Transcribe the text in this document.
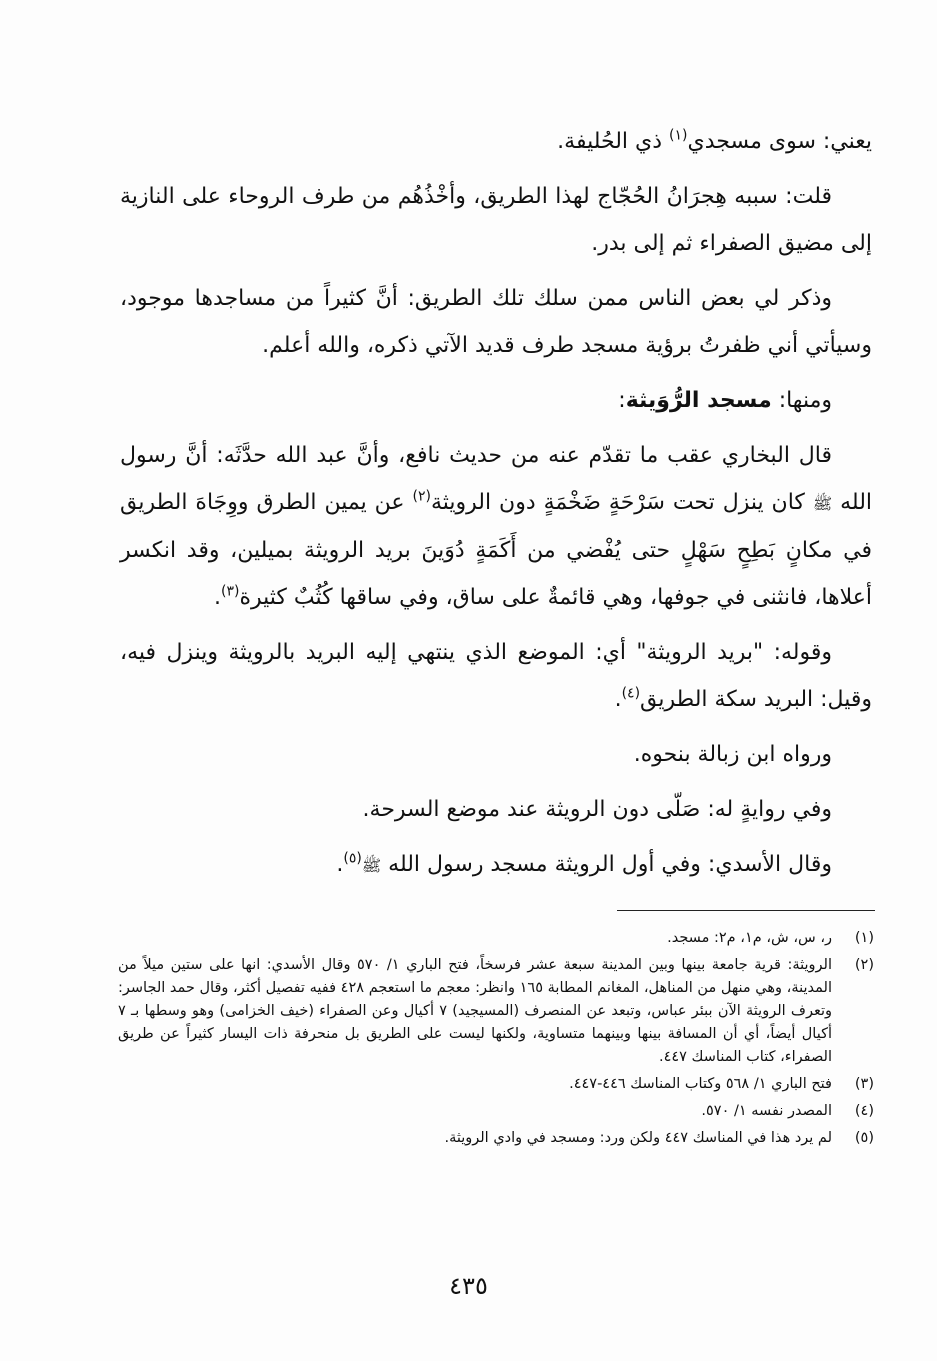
يعني: سوى مسجدي$^{(١)}$ ذي الحُليفة.

قلت: سببه هِجرَانُ الحُجّاج لهذا الطريق، وأخْذُهُم من طرف الروحاء على النازية إلى مضيق الصفراء ثم إلى بدر.

وذكر لي بعض الناس ممن سلك تلك الطريق: أنَّ كثيراً من مساجدها موجود، وسيأتي أني ظفرتُ برؤية مسجد طرف قديد الآتي ذكره، والله أعلم.

ومنها: مسجد الرُّوَيثة:

قال البخاري عقب ما تقدّم عنه من حديث نافع، وأنَّ عبد الله حدَّثَه: أنَّ رسول الله ﷺ كان ينزل تحت سَرْحَةٍ ضَخْمَةٍ دون الرويثة$^{(٢)}$ عن يمين الطرق ووِجَاهَ الطريق في مكانٍ بَطِحٍ سَهْلٍ حتى يُفْضي من أَكَمَةٍ دُوَينَ بريد الرويثة بميلين، وقد انكسر أعلاها، فانثنى في جوفها، وهي قائمةٌ على ساق، وفي ساقها كُثُبٌ كثيرة$^{(٣)}$.

وقوله: "بريد الرويثة" أي: الموضع الذي ينتهي إليه البريد بالرويثة وينزل فيه، وقيل: البريد سكة الطريق$^{(٤)}$.

ورواه ابن زبالة بنحوه.

وفي روايةٍ له: صَلّى دون الرويثة عند موضع السرحة.

وقال الأسدي: وفي أول الرويثة مسجد رسول الله ﷺ$^{(٥)}$.

(١)
ر، س، ش، م١، م٢: مسجد.
(٢)
الرويثة: قرية جامعة بينها وبين المدينة سبعة عشر فرسخاً، فتح الباري ١/ ٥٧٠ وقال الأسدي: انها على ستين ميلاً من المدينة، وهي منهل من المناهل، المغانم المطابة ١٦٥ وانظر: معجم ما استعجم ٤٢٨ ففيه تفصيل أكثر، وقال حمد الجاسر: وتعرف الرويثة الآن ببئر عباس، وتبعد عن المنصرف (المسيجيد) ٧ أكيال وعن الصفراء (خيف الخزامى) وهو وسطها بـ ٧ أكيال أيضاً، أي أن المسافة بينها وبينهما متساوية، ولكنها ليست على الطريق بل منحرفة ذات اليسار كثيراً عن طريق الصفراء، كتاب المناسك ٤٤٧.
(٣)
فتح الباري ١/ ٥٦٨ وكتاب المناسك ٤٤٦-٤٤٧.
(٤)
المصدر نفسه ١/ ٥٧٠.
(٥)
لم يرد هذا في المناسك ٤٤٧ ولكن ورد: ومسجد في وادي الرويثة.
٤٣٥
